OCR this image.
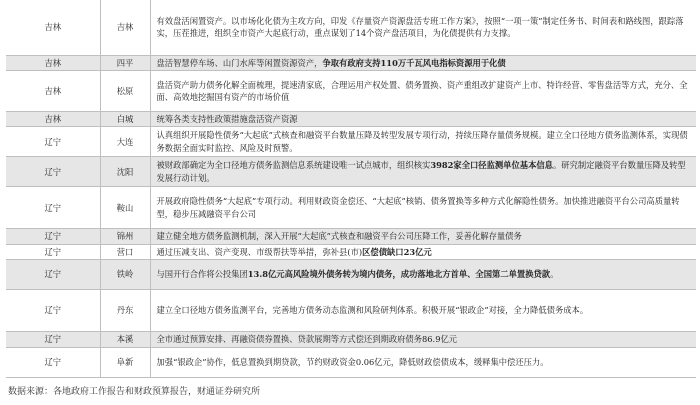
吉林	吉林	有效盘活闲置资产。以市场化化债为主攻方向，印发《存量资产资源盘活专班工作方案》，按照“一项一策”制定任务书、时间表和路线图，跟踪落实，压茬推进，组织全市资产大起底行动，重点谋划了14个资产盘活项目，为化债提供有力支撑。
吉林	四平	盘活智慧停车场、山门水库等闲置资源资产，争取有政府支持110万千瓦风电指标资源用于化债
吉林	松原	盘活资产助力债务化解全面梳理，提速清家底，合理运用产权处置、债务置换、资产重组改扩建资产上市、特许经营、零售盘活等方式，充分、全面、高效地挖掘国有资产的市场价值
吉林	白城	统筹各类支持性政策措施盘活资产资源
辽宁	大连	认真组织开展隐性债务“大起底”式核查和融资平台数量压降及转型发展专项行动，持续压降存量债务规模。建立全口径地方债务监测体系，实现债务数据全面实时监控、风险及时预警。
辽宁	沈阳	被财政部确定为全口径地方债务监测信息系统建设唯一试点城市，组织核实3982家全口径监测单位基本信息。研究制定融资平台数量压降及转型发展行动计划。
辽宁	鞍山	开展政府隐性债务“大起底”专项行动。利用财政资金偿还、“大起底”核销、债务置换等多种方式化解隐性债务。加快推进融资平台公司高质量转型，稳步压减融资平台公司
辽宁	锦州	建立健全地方债务监测机制，深入开展“大起底”式核查和融资平台公司压降工作，妥善化解存量债务
辽宁	营口	通过压减支出、资产变现、市级帮扶等举措，弥补县(市)区偿债缺口23亿元
辽宁	铁岭	与国开行合作将公投集团13.8亿元高风险境外债务转为境内债务，成功落地北方首单、全国第二单置换贷款。
辽宁	丹东	建立全口径地方债务监测平台，完善地方债务动态监测和风险研判体系。积极开展“银政企”对接，全力降低债务成本。
辽宁	本溪	全市通过预算安排、再融资债券置换、贷款展期等方式偿还到期政府债务86.9亿元
辽宁	阜新	加强“银政企”协作，低息置换到期贷款，节约财政资金0.06亿元，降低财政偿债成本，缓释集中偿还压力。
数据来源：各地政府工作报告和财政预算报告，财通证券研究所
